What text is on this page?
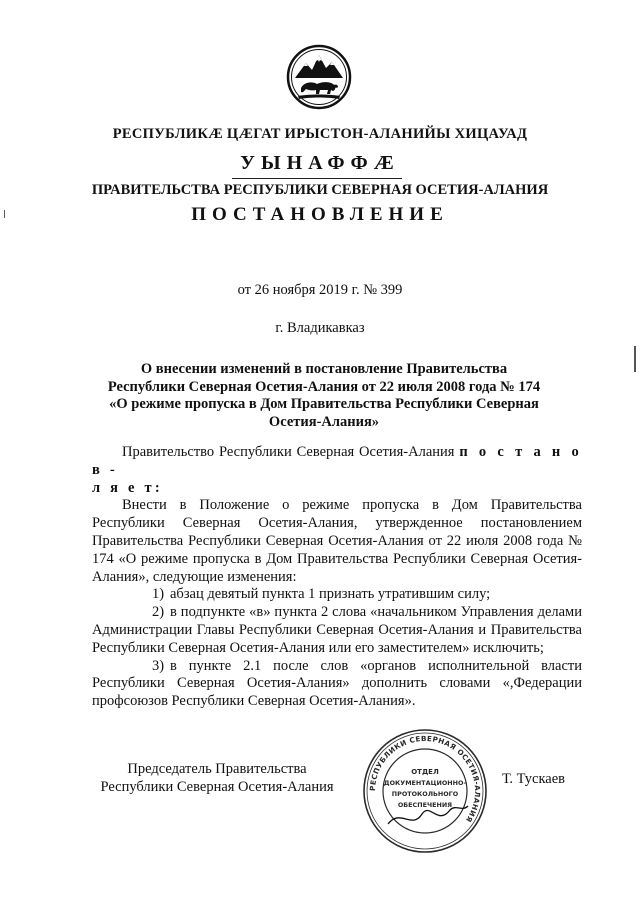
РЕСПУБЛИКÆ ЦÆГАТ ИРЫСТОН-АЛАНИЙЫ ХИЦАУАД
УЫНАФФÆ
ПРАВИТЕЛЬСТВА РЕСПУБЛИКИ СЕВЕРНАЯ ОСЕТИЯ-АЛАНИЯ
ПОСТАНОВЛЕНИЕ
от 26 ноября 2019 г. № 399
г. Владикавказ
О внесении изменений в постановление Правительства
Республики Северная Осетия-Алания от 22 июля 2008 года № 174
«О режиме пропуска в Дом Правительства Республики Северная
Осетия-Алания»

Правительство Республики Северная Осетия-Алания п о с т а н о в -
л я е т:

Внести в Положение о режиме пропуска в Дом Правительства Республики Северная Осетия-Алания, утвержденное постановлением Правительства Республики Северная Осетия-Алания от 22 июля 2008 года № 174 «О режиме пропуска в Дом Правительства Республики Северная Осетия-Алания», следующие изменения:

1) абзац девятый пункта 1 признать утратившим силу;

2) в подпункте «в» пункта 2 слова «начальником Управления делами Администрации Главы Республики Северная Осетия-Алания и Правительства Республики Северная Осетия-Алания или его заместителем» исключить;

3) в пункте 2.1 после слов «органов исполнительной власти Республики Северная Осетия-Алания» дополнить словами «,Федерации профсоюзов Республики Северная Осетия-Алания».

Председатель Правительства
Республики Северная Осетия-Алания	РЕСПУБЛИКИ СЕВЕРНАЯ ОСЕТИЯ-АЛАНИЯ
ОТДЕЛ
ДОКУМЕНТАЦИОННО-
ПРОТОКОЛЬНОГО
ОБЕСПЕЧЕНИЯ
Т. Тускаев
